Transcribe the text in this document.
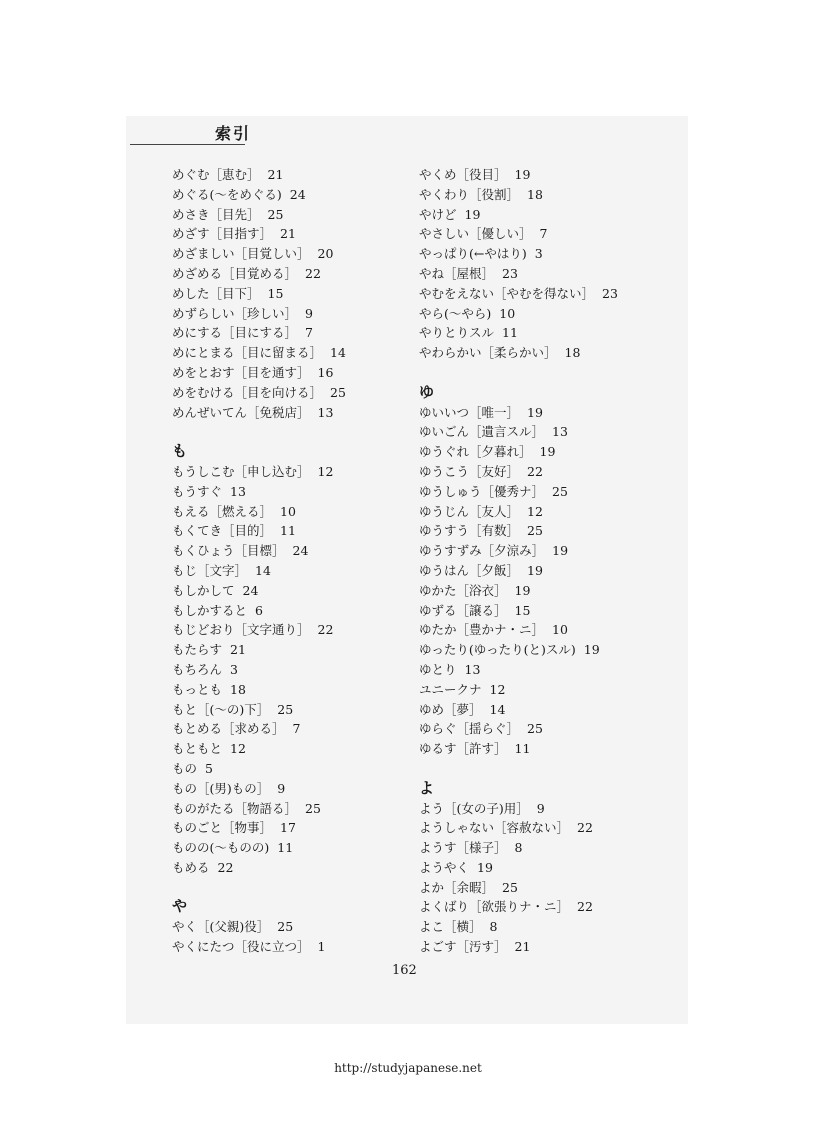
索引
めぐむ［恵む］ 21
めぐる(～をめぐる) 24
めさき［目先］ 25
めざす［目指す］ 21
めざましい［目覚しい］ 20
めざめる［目覚める］ 22
めした［目下］ 15
めずらしい［珍しい］ 9
めにする［目にする］ 7
めにとまる［目に留まる］ 14
めをとおす［目を通す］ 16
めをむける［目を向ける］ 25
めんぜいてん［免税店］ 13
も
もうしこむ［申し込む］ 12
もうすぐ 13
もえる［燃える］ 10
もくてき［目的］ 11
もくひょう［目標］ 24
もじ［文字］ 14
もしかして 24
もしかすると 6
もじどおり［文字通り］ 22
もたらす 21
もちろん 3
もっとも 18
もと［(～の)下］ 25
もとめる［求める］ 7
もともと 12
もの 5
もの［(男)もの］ 9
ものがたる［物語る］ 25
ものごと［物事］ 17
ものの(～ものの) 11
もめる 22
や
やく［(父親)役］ 25
やくにたつ［役に立つ］ 1
やくめ［役目］ 19
やくわり［役割］ 18
やけど 19
やさしい［優しい］ 7
やっぱり(←やはり) 3
やね［屋根］ 23
やむをえない［やむを得ない］ 23
やら(～やら) 10
やりとりスル 11
やわらかい［柔らかい］ 18
ゆ
ゆいいつ［唯一］ 19
ゆいごん［遺言スル］ 13
ゆうぐれ［夕暮れ］ 19
ゆうこう［友好］ 22
ゆうしゅう［優秀ナ］ 25
ゆうじん［友人］ 12
ゆうすう［有数］ 25
ゆうすずみ［夕涼み］ 19
ゆうはん［夕飯］ 19
ゆかた［浴衣］ 19
ゆずる［譲る］ 15
ゆたか［豊かナ・ニ］ 10
ゆったり(ゆったり(と)スル) 19
ゆとり 13
ユニークナ 12
ゆめ［夢］ 14
ゆらぐ［揺らぐ］ 25
ゆるす［許す］ 11
よ
よう［(女の子)用］ 9
ようしゃない［容赦ない］ 22
ようす［様子］ 8
ようやく 19
よか［余暇］ 25
よくばり［欲張りナ・ニ］ 22
よこ［横］ 8
よごす［汚す］ 21
162
http://studyjapanese.net
